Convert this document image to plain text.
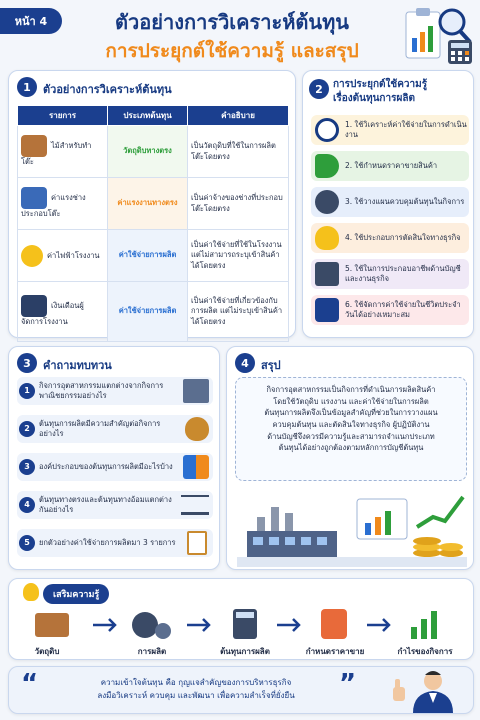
หน้า 4	ตัวอย่างการวิเคราะห์ต้นทุน
การประยุกต์ใช้ความรู้ และสรุป
1	ตัวอย่างการวิเคราะห์ต้นทุน
รายการ	ประเภทต้นทุน	คำอธิบาย
ไม้สำหรับทำโต๊ะ	วัตถุดิบทางตรง	เป็นวัตถุดิบที่ใช้ในการผลิตโต๊ะโดยตรง
ค่าแรงช่างประกอบโต๊ะ	ค่าแรงงานทางตรง	เป็นค่าจ้างของช่างที่ประกอบโต๊ะโดยตรง
ค่าไฟฟ้าโรงงาน	ค่าใช้จ่ายการผลิต	เป็นค่าใช้จ่ายที่ใช้ในโรงงาน แต่ไม่สามารถระบุเข้าสินค้าได้โดยตรง
เงินเดือนผู้จัดการโรงงาน	ค่าใช้จ่ายการผลิต	เป็นค่าใช้จ่ายที่เกี่ยวข้องกับการผลิต แต่ไม่ระบุเข้าสินค้าได้โดยตรง
2	การประยุกต์ใช้ความรู้
เรื่องต้นทุนการผลิต
1. ใช้วิเคราะห์ค่าใช้จ่ายในการดำเนินงาน
2. ใช้กำหนดราคาขายสินค้า
3. ใช้วางแผนควบคุมต้นทุนในกิจการ
4. ใช้ประกอบการตัดสินใจทางธุรกิจ
5. ใช้ในการประกอบอาชีพด้านบัญชีและงานธุรกิจ
6. ใช้จัดการค่าใช้จ่ายในชีวิตประจำวันได้อย่างเหมาะสม
3	คำถามทบทวน
1
กิจการอุตสาหกรรมแตกต่างจากกิจการพาณิชยกรรมอย่างไร
2
ต้นทุนการผลิตมีความสำคัญต่อกิจการอย่างไร
3	องค์ประกอบของต้นทุนการผลิตมีอะไรบ้าง
4
ต้นทุนทางตรงและต้นทุนทางอ้อมแตกต่างกันอย่างไร
5	ยกตัวอย่างค่าใช้จ่ายการผลิตมา 3 รายการ
4	สรุป
กิจการอุตสาหกรรมเป็นกิจการที่ดำเนินการผลิตสินค้า
โดยใช้วัตถุดิบ แรงงาน และค่าใช้จ่ายในการผลิต
ต้นทุนการผลิตจึงเป็นข้อมูลสำคัญที่ช่วยในการวางแผน
ควบคุมต้นทุน และตัดสินใจทางธุรกิจ ผู้ปฏิบัติงาน
ด้านบัญชีจึงควรมีความรู้และสามารถจำแนกประเภท
ต้นทุนได้อย่างถูกต้องตามหลักการบัญชีต้นทุน
เสริมความรู้
วัตถุดิบ	การผลิต	ต้นทุนการผลิต	กำหนดราคาขาย	กำไรของกิจการ
“	ความเข้าใจต้นทุน คือ กุญแจสำคัญของการบริหารธุรกิจ
ลงมือวิเคราะห์ ควบคุม และพัฒนา เพื่อความสำเร็จที่ยั่งยืน	”
